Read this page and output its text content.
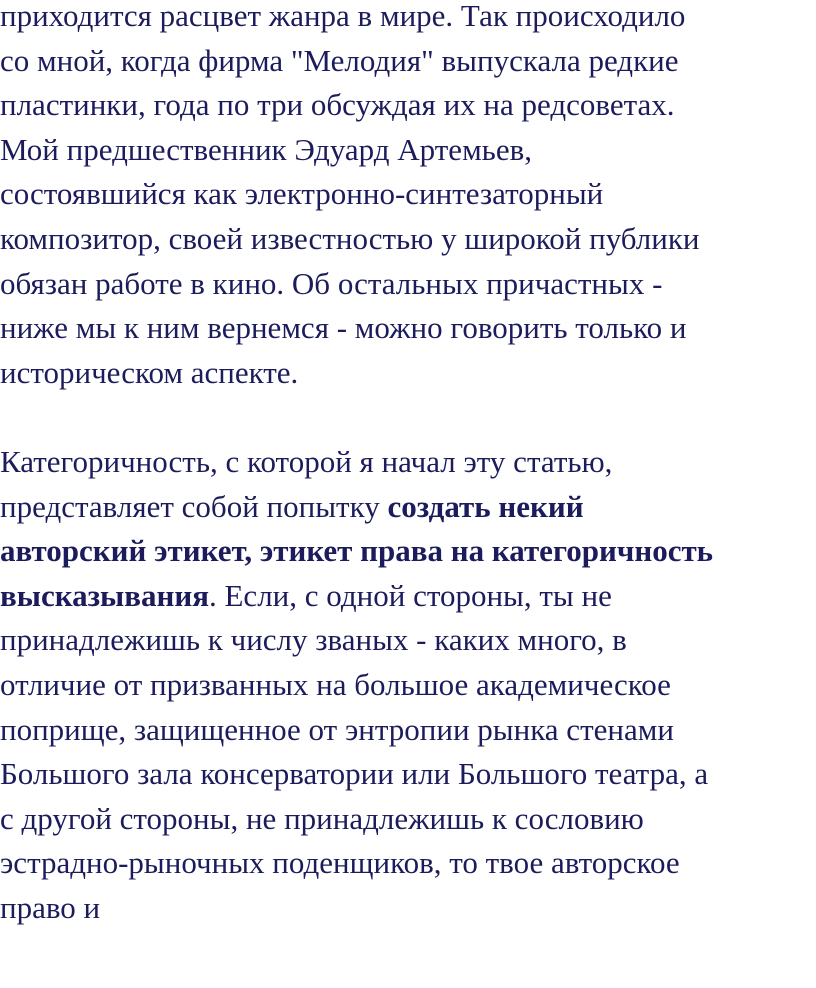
приходится расцвет жанра в мире. Так происходило
со мной, когда фирма "Мелодия" выпускала редкие
пластинки, года по три обсуждая их на редсоветах.
Мой предшественник Эдуард Артемьев,
состоявшийся как электронно-синтезаторный
композитор, своей известностью у широкой публики
обязан работе в кино. Об остальных причастных -
ниже мы к ним вернемся - можно говорить только и
историческом аспекте.
Категоричность, с которой я начал эту статью,
представляет собой попытку создать некий
авторский этикет, этикет права на категоричность
высказывания. Если, с одной стороны, ты не
принадлежишь к числу званых - каких много, в
отличие от призванных на большое академическое
поприще, защищенное от энтропии рынка стенами
Большого зала консерватории или Большого театра, а
с другой стороны, не принадлежишь к сословию
эстрадно-рыночных поденщиков, то твое авторское
право и
